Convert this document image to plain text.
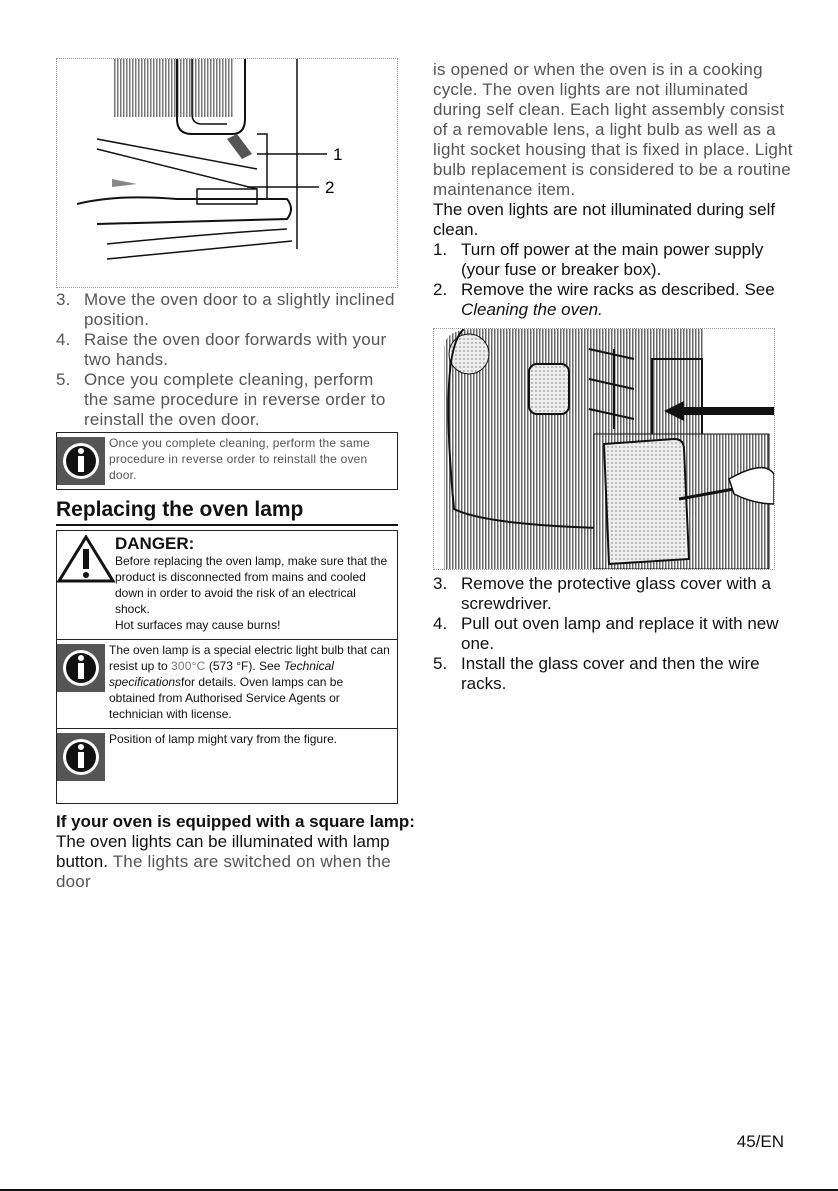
1
2
3. Move the oven door to a slightly inclined position.
4. Raise the oven door forwards with your two hands.
5. Once you complete cleaning, perform the same procedure in reverse order to reinstall the oven door.
Once you complete cleaning, perform the same procedure in reverse order to reinstall the oven door.
Replacing the oven lamp
DANGER:
Before replacing the oven lamp, make sure that the product is disconnected from mains and cooled down in order to avoid the risk of an electrical shock.
Hot surfaces may cause burns!
The oven lamp is a special electric light bulb that can resist up to 300°C (573 °F). See Technical specificationsfor details. Oven lamps can be obtained from Authorised Service Agents or technician with license.
Position of lamp might vary from the figure.
If your oven is equipped with a square lamp:
The oven lights can be illuminated with lamp button. The lights are switched on when the door
is opened or when the oven is in a cooking cycle. The oven lights are not illuminated during self clean. Each light assembly consist of a removable lens, a light bulb as well as a light socket housing that is fixed in place. Light bulb replacement is considered to be a routine maintenance item.
The oven lights are not illuminated during self clean.
1. Turn off power at the main power supply (your fuse or breaker box).
2. Remove the wire racks as described. See
Cleaning the oven.
3. Remove the protective glass cover with a screwdriver.
4. Pull out oven lamp and replace it with new one.
5. Install the glass cover and then the wire racks.
45/EN
